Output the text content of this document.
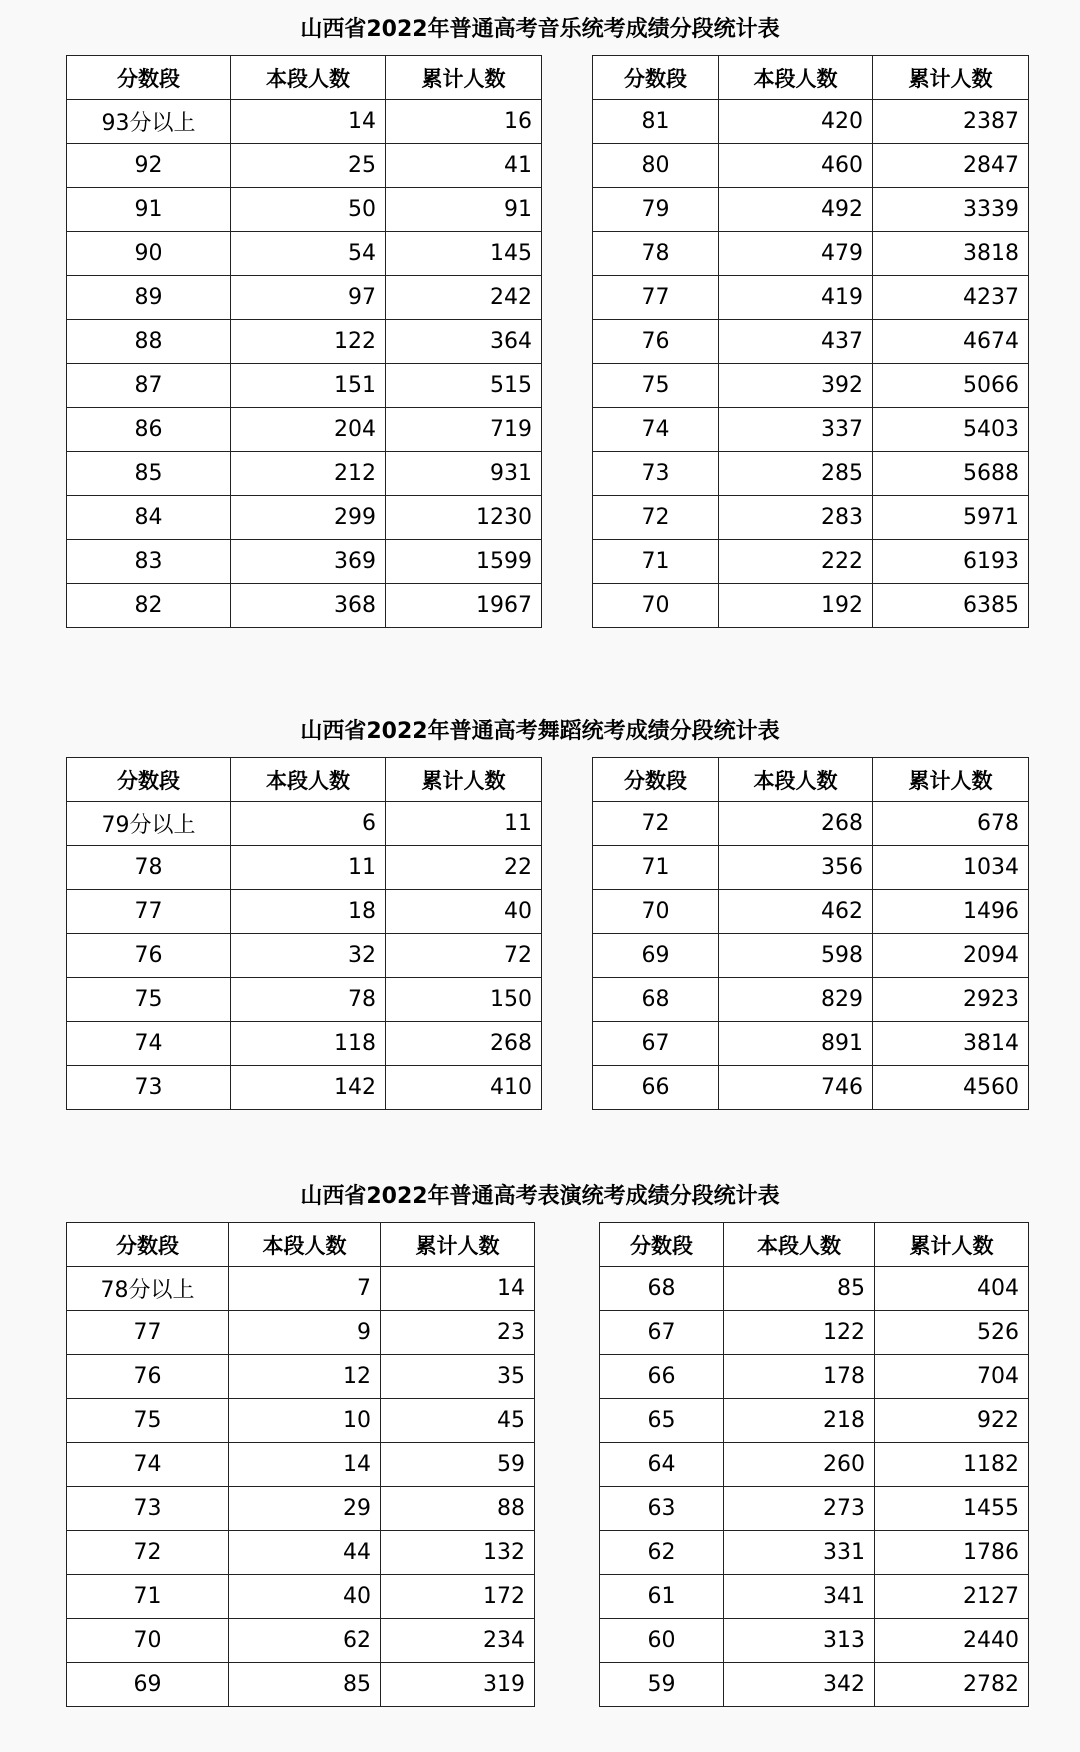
山西省2022年普通高考音乐统考成绩分段统计表
分数段	本段人数	累计人数
93分以上	14	16
92	25	41
91	50	91
90	54	145
89	97	242
88	122	364
87	151	515
86	204	719
85	212	931
84	299	1230
83	369	1599
82	368	1967
分数段	本段人数	累计人数
81	420	2387
80	460	2847
79	492	3339
78	479	3818
77	419	4237
76	437	4674
75	392	5066
74	337	5403
73	285	5688
72	283	5971
71	222	6193
70	192	6385
山西省2022年普通高考舞蹈统考成绩分段统计表
分数段	本段人数	累计人数
79分以上	6	11
78	11	22
77	18	40
76	32	72
75	78	150
74	118	268
73	142	410
分数段	本段人数	累计人数
72	268	678
71	356	1034
70	462	1496
69	598	2094
68	829	2923
67	891	3814
66	746	4560
山西省2022年普通高考表演统考成绩分段统计表
分数段	本段人数	累计人数
78分以上	7	14
77	9	23
76	12	35
75	10	45
74	14	59
73	29	88
72	44	132
71	40	172
70	62	234
69	85	319
分数段	本段人数	累计人数
68	85	404
67	122	526
66	178	704
65	218	922
64	260	1182
63	273	1455
62	331	1786
61	341	2127
60	313	2440
59	342	2782
